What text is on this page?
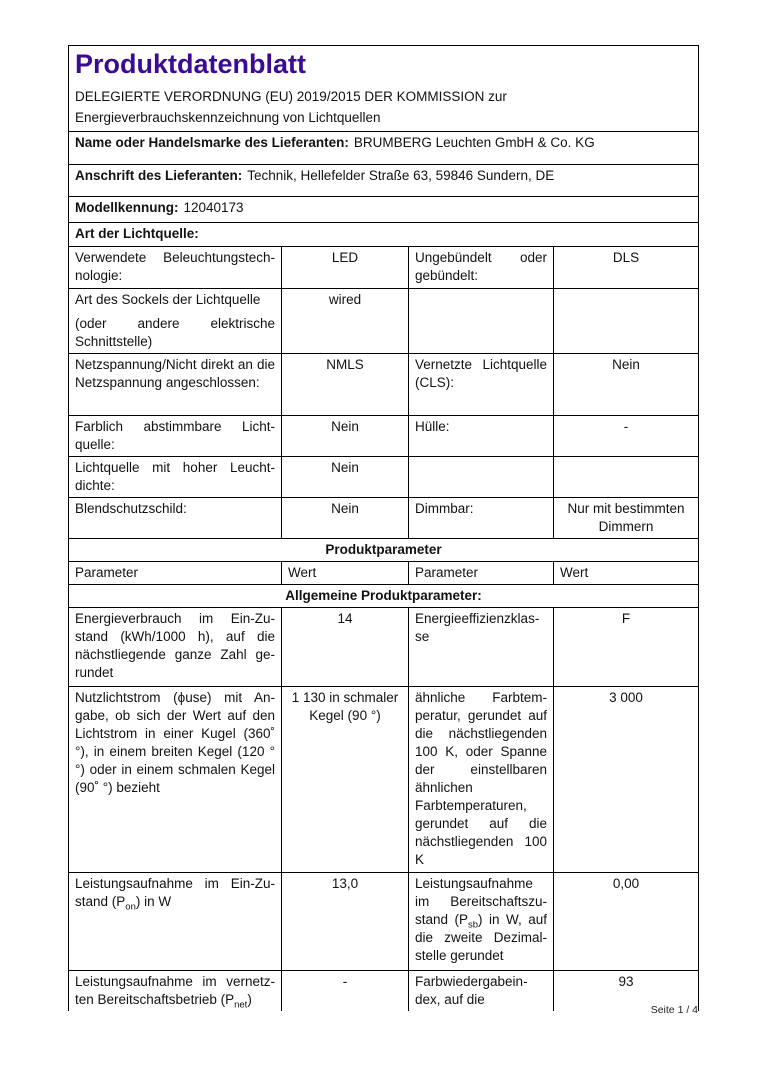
Produktdatenblatt
DELEGIERTE VERORDNUNG (EU) 2019/2015 DER KOMMISSION zur Energieverbrauchskennzeichnung von Lichtquellen			

Name oder Handelsmarke des Lieferanten: BRUMBERG Leuchten GmbH & Co. KG			
Anschrift des Lieferanten: Technik, Hellefelder Straße 63, 59846 Sundern, DE			
Modellkennung: 12040173			
Art der Lichtquelle:			
Verwendete Beleuchtungstechnologie:	LED	Ungebündelt oder gebündelt:	DLS
Art des Sockels der Lichtquelle
(oder andere elektrische Schnittstelle)	wired		
Netzspannung/Nicht direkt an die Netzspannung angeschlossen:	NMLS	Vernetzte Lichtquelle (CLS):	Nein
Farblich abstimmbare Lichtquelle:	Nein	Hülle:	-
Lichtquelle mit hoher Leuchtdichte:	Nein		
Blendschutzschild:	Nein	Dimmbar:	Nur mit bestimmten Dimmern
Produktparameter			
Parameter	Wert	Parameter	Wert
Allgemeine Produktparameter:			
Energieverbrauch im Ein-Zustand (kWh/1000 h), auf die nächstliegende ganze Zahl gerundet	14	Energieeffizienzklasse	F
Nutzlichtstrom (ϕuse) mit Angabe, ob sich der Wert auf den Lichtstrom in einer Kugel (360˚ °), in einem breiten Kegel (120 °°) oder in einem schmalen Kegel (90˚ °) bezieht	1 130 in schmaler Kegel (90 °)	ähnliche Farbtemperatur, gerundet auf die nächstliegenden 100 K, oder Spanne der einstellbaren ähnlichen Farbtemperaturen, gerundet auf die nächstliegenden 100 K	3 000
Leistungsaufnahme im Ein-Zustand $(P_{on})$ in W	13,0	Leistungsaufnahme im Bereitschaftszustand $(P_{sb})$ in W, auf die zweite Dezimalstelle gerundet	0,00
Leistungsaufnahme im vernetzten Bereitschaftsbetrieb $(P_{net})$	-	Farbwiedergabeindex, auf die	93
Seite 1 / 4
